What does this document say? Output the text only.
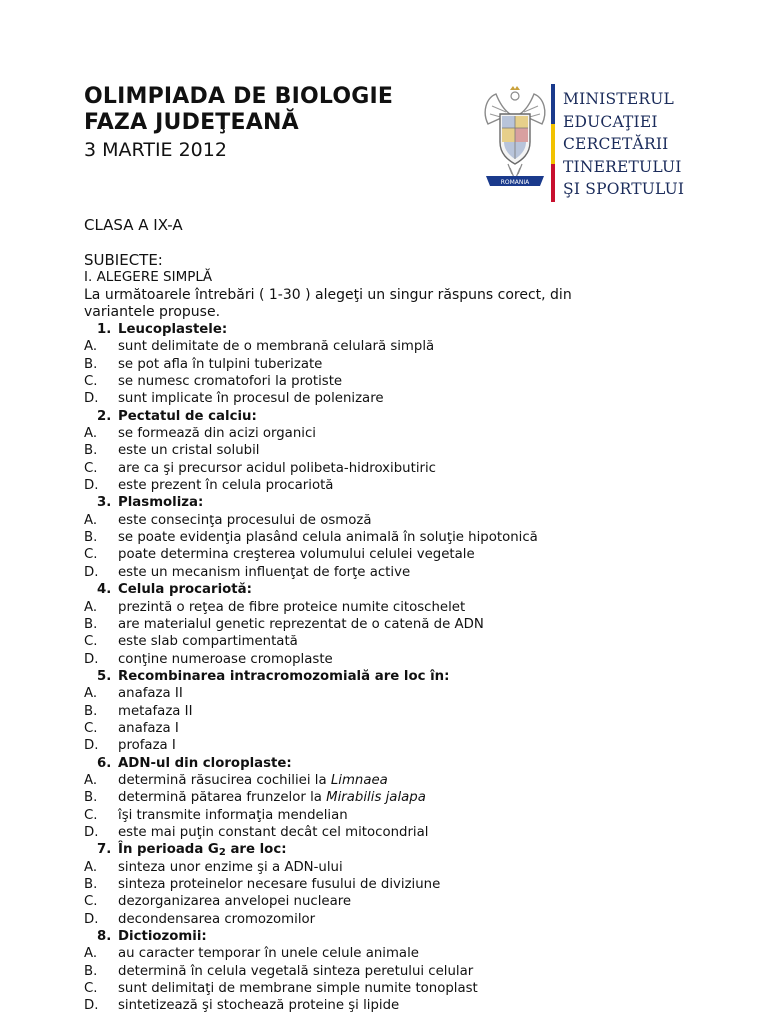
OLIMPIADA DE BIOLOGIE
FAZA JUDEŢEANĂ
3 MARTIE 2012
ROMANIA
MINISTERUL
EDUCAŢIEI
CERCETĂRII
TINERETULUI
ŞI SPORTULUI
CLASA A IX-A
SUBIECTE:
I. ALEGERE SIMPLĂ
La următoarele întrebări ( 1-30 ) alegeţi un singur răspuns corect, din
variantele propuse.
1. Leucoplastele:
A.	sunt delimitate de o membrană celulară simplă
B.	se pot afla în tulpini tuberizate
C.	se numesc cromatofori la protiste
D.	sunt implicate în procesul de polenizare
2. Pectatul de calciu:
A.	se formează din acizi organici
B.	este un cristal solubil
C.	are ca şi precursor acidul polibeta-hidroxibutiric
D.	este prezent în celula procariotă
3. Plasmoliza:
A.	este consecinţa procesului de osmoză
B.	se poate evidenţia plasând celula animală în soluţie hipotonică
C.	poate determina creşterea volumului celulei vegetale
D.	este un mecanism influenţat de forţe active
4. Celula procariotă:
A.	prezintă o reţea de fibre proteice numite citoschelet
B.	are materialul genetic reprezentat de o catenă de ADN
C.	este slab compartimentată
D.	conţine numeroase cromoplaste
5. Recombinarea intracromozomială are loc în:
A.	anafaza II
B.	metafaza II
C.	anafaza I
D.	profaza I
6. ADN-ul din cloroplaste:
A.	determină răsucirea cochiliei la Limnaea
B.	determină pătarea frunzelor la Mirabilis jalapa
C.	îşi transmite informaţia mendelian
D.	este mai puţin constant decât cel mitocondrial
7. În perioada $G_2$ are loc:
A.	sinteza unor enzime şi a ADN-ului
B.	sinteza proteinelor necesare fusului de diviziune
C.	dezorganizarea anvelopei nucleare
D.	decondensarea cromozomilor
8. Dictiozomii:
A.	au caracter temporar în unele celule animale
B.	determină în celula vegetală sinteza peretului celular
C.	sunt delimitaţi de membrane simple numite tonoplast
D.	sintetizează şi stochează proteine şi lipide
